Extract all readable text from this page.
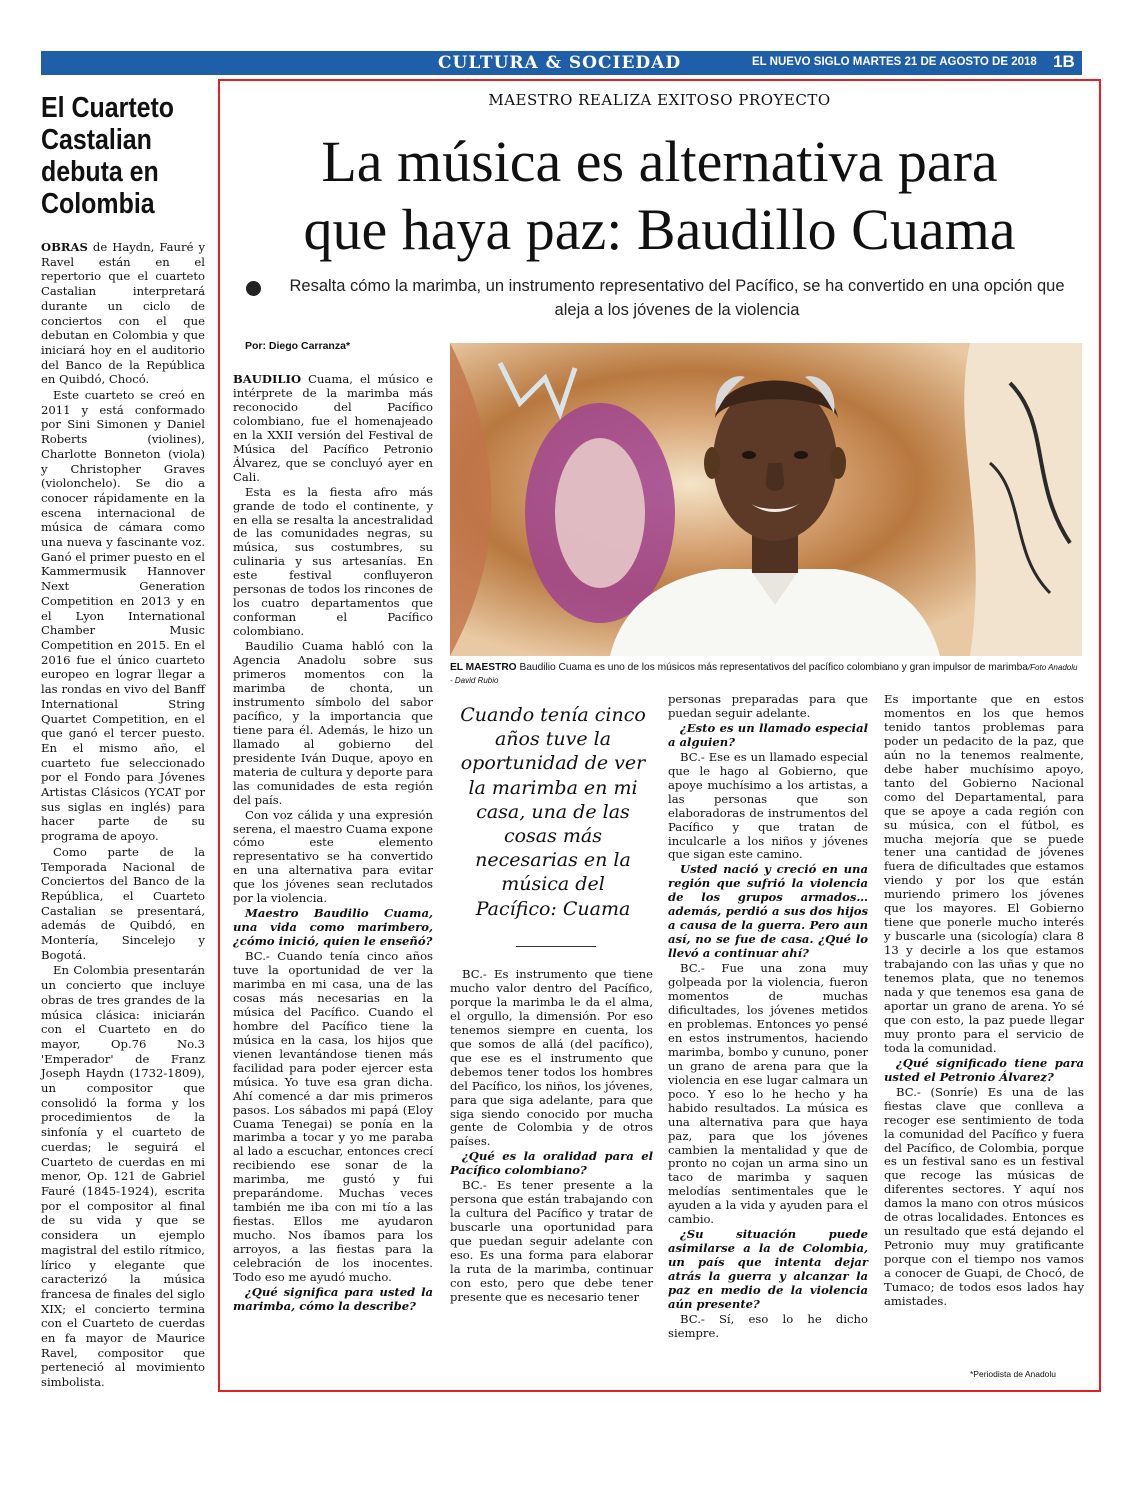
CULTURA & SOCIEDAD	EL NUEVO SIGLO MARTES 21 DE AGOSTO DE 2018 1B
El Cuarteto Castalian debuta en Colombia

OBRAS de Haydn, Fauré y Ravel están en el repertorio que el cuarteto Castalian interpretará durante un ciclo de conciertos con el que debutan en Colombia y que iniciará hoy en el auditorio del Banco de la República en Quibdó, Chocó.

Este cuarteto se creó en 2011 y está conformado por Sini Simonen y Daniel Roberts (violines), Charlotte Bonneton (viola) y Christopher Graves (violonchelo). Se dio a conocer rápidamente en la escena internacional de música de cámara como una nueva y fascinante voz. Ganó el primer puesto en el Kammermusik Hannover Next Generation Competition en 2013 y en el Lyon International Chamber Music Competition en 2015. En el 2016 fue el único cuarteto europeo en lograr llegar a las rondas en vivo del Banff International String Quartet Competition, en el que ganó el tercer puesto. En el mismo año, el cuarteto fue seleccionado por el Fondo para Jóvenes Artistas Clásicos (YCAT por sus siglas en inglés) para hacer parte de su programa de apoyo.

Como parte de la Temporada Nacional de Conciertos del Banco de la República, el Cuarteto Castalian se presentará, además de Quibdó, en Montería, Sincelejo y Bogotá.

En Colombia presentarán un concierto que incluye obras de tres grandes de la música clásica: iniciarán con el Cuarteto en do mayor, Op.76 No.3 'Emperador' de Franz Joseph Haydn (1732-1809), un compositor que consolidó la forma y los procedimientos de la sinfonía y el cuarteto de cuerdas; le seguirá el Cuarteto de cuerdas en mi menor, Op. 121 de Gabriel Fauré (1845-1924), escrita por el compositor al final de su vida y que se considera un ejemplo magistral del estilo rítmico, lírico y elegante que caracterizó la música francesa de finales del siglo XIX; el concierto termina con el Cuarteto de cuerdas en fa mayor de Maurice Ravel, compositor que perteneció al movimiento simbolista.

MAESTRO REALIZA EXITOSO PROYECTO
La música es alternativa para
que haya paz: Baudillo Cuama
Resalta cómo la marimba, un instrumento representativo del Pacífico, se ha convertido en una opción que aleja a los jóvenes de la violencia
Por: Diego Carranza*
EL MAESTRO Baudilio Cuama es uno de los músicos más representativos del pacífico colombiano y gran impulsor de marimba/Foto Anadolu - David Rubio

BAUDILIO Cuama, el músico e intérprete de la marimba más reconocido del Pacífico colombiano, fue el homenajeado en la XXII versión del Festival de Música del Pacífico Petronio Álvarez, que se concluyó ayer en Cali.

Esta es la fiesta afro más grande de todo el continente, y en ella se resalta la ancestralidad de las comunidades negras, su música, sus costumbres, su culinaria y sus artesanías. En este festival confluyeron personas de todos los rincones de los cuatro departamentos que conforman el Pacífico colombiano.

Baudilio Cuama habló con la Agencia Anadolu sobre sus primeros momentos con la marimba de chonta, un instrumento símbolo del sabor pacífico, y la importancia que tiene para él. Además, le hizo un llamado al gobierno del presidente Iván Duque, apoyo en materia de cultura y deporte para las comunidades de esta región del país.

Con voz cálida y una expresión serena, el maestro Cuama expone cómo este elemento representativo se ha convertido en una alternativa para evitar que los jóvenes sean reclutados por la violencia.

Maestro Baudilio Cuama, una vida como marimbero, ¿cómo inició, quien le enseñó?

BC.- Cuando tenía cinco años tuve la oportunidad de ver la marimba en mi casa, una de las cosas más necesarias en la música del Pacífico. Cuando el hombre del Pacífico tiene la música en la casa, los hijos que vienen levantándose tienen más facilidad para poder ejercer esta música. Yo tuve esa gran dicha. Ahí comencé a dar mis primeros pasos. Los sábados mi papá (Eloy Cuama Tenegai) se ponía en la marimba a tocar y yo me paraba al lado a escuchar, entonces crecí recibiendo ese sonar de la marimba, me gustó y fui preparándome. Muchas veces también me iba con mi tío a las fiestas. Ellos me ayudaron mucho. Nos íbamos para los arroyos, a las fiestas para la celebración de los inocentes. Todo eso me ayudó mucho.

¿Qué significa para usted la marimba, cómo la describe?

Cuando tenía cinco años tuve la oportunidad de ver la marimba en mi casa, una de las cosas más necesarias en la música del Pacífico: Cuama

BC.- Es instrumento que tiene mucho valor dentro del Pacífico, porque la marimba le da el alma, el orgullo, la dimensión. Por eso tenemos siempre en cuenta, los que somos de allá (del pacífico), que ese es el instrumento que debemos tener todos los hombres del Pacífico, los niños, los jóvenes, para que siga adelante, para que siga siendo conocido por mucha gente de Colombia y de otros países.

¿Qué es la oralidad para el Pacífico colombiano?

BC.- Es tener presente a la persona que están trabajando con la cultura del Pacífico y tratar de buscarle una oportunidad para que puedan seguir adelante con eso. Es una forma para elaborar la ruta de la marimba, continuar con esto, pero que debe tener presente que es necesario tener

personas preparadas para que puedan seguir adelante.

¿Esto es un llamado especial a alguien?

BC.- Ese es un llamado especial que le hago al Gobierno, que apoye muchísimo a los artistas, a las personas que son elaboradoras de instrumentos del Pacífico y que tratan de inculcarle a los niños y jóvenes que sigan este camino.

Usted nació y creció en una región que sufrió la violencia de los grupos armados… además, perdió a sus dos hijos a causa de la guerra. Pero aun así, no se fue de casa. ¿Qué lo llevó a continuar ahí?

BC.- Fue una zona muy golpeada por la violencia, fueron momentos de muchas dificultades, los jóvenes metidos en problemas. Entonces yo pensé en estos instrumentos, haciendo marimba, bombo y cununo, poner un grano de arena para que la violencia en ese lugar calmara un poco. Y eso lo he hecho y ha habido resultados. La música es una alternativa para que haya paz, para que los jóvenes cambien la mentalidad y que de pronto no cojan un arma sino un taco de marimba y saquen melodías sentimentales que le ayuden a la vida y ayuden para el cambio.

¿Su situación puede asimilarse a la de Colombia, un país que intenta dejar atrás la guerra y alcanzar la paz en medio de la violencia aún presente?

BC.- Sí, eso lo he dicho siempre.

Es importante que en estos momentos en los que hemos tenido tantos problemas para poder un pedacito de la paz, que aún no la tenemos realmente, debe haber muchísimo apoyo, tanto del Gobierno Nacional como del Departamental, para que se apoye a cada región con su música, con el fútbol, es mucha mejoría que se puede tener una cantidad de jóvenes fuera de dificultades que estamos viendo y por los que están muriendo primero los jóvenes que los mayores. El Gobierno tiene que ponerle mucho interés y buscarle una (sicología) clara 8 13 y decirle a los que estamos trabajando con las uñas y que no tenemos plata, que no tenemos nada y que tenemos esa gana de aportar un grano de arena. Yo sé que con esto, la paz puede llegar muy pronto para el servicio de toda la comunidad.

¿Qué significado tiene para usted el Petronio Álvarez?

BC.- (Sonríe) Es una de las fiestas clave que conlleva a recoger ese sentimiento de toda la comunidad del Pacífico y fuera del Pacífico, de Colombia, porque es un festival sano es un festival que recoge las músicas de diferentes sectores. Y aquí nos damos la mano con otros músicos de otras localidades. Entonces es un resultado que está dejando el Petronio muy muy gratificante porque con el tiempo nos vamos a conocer de Guapi, de Chocó, de Tumaco; de todos esos lados hay amistades.

*Periodista de Anadolu
